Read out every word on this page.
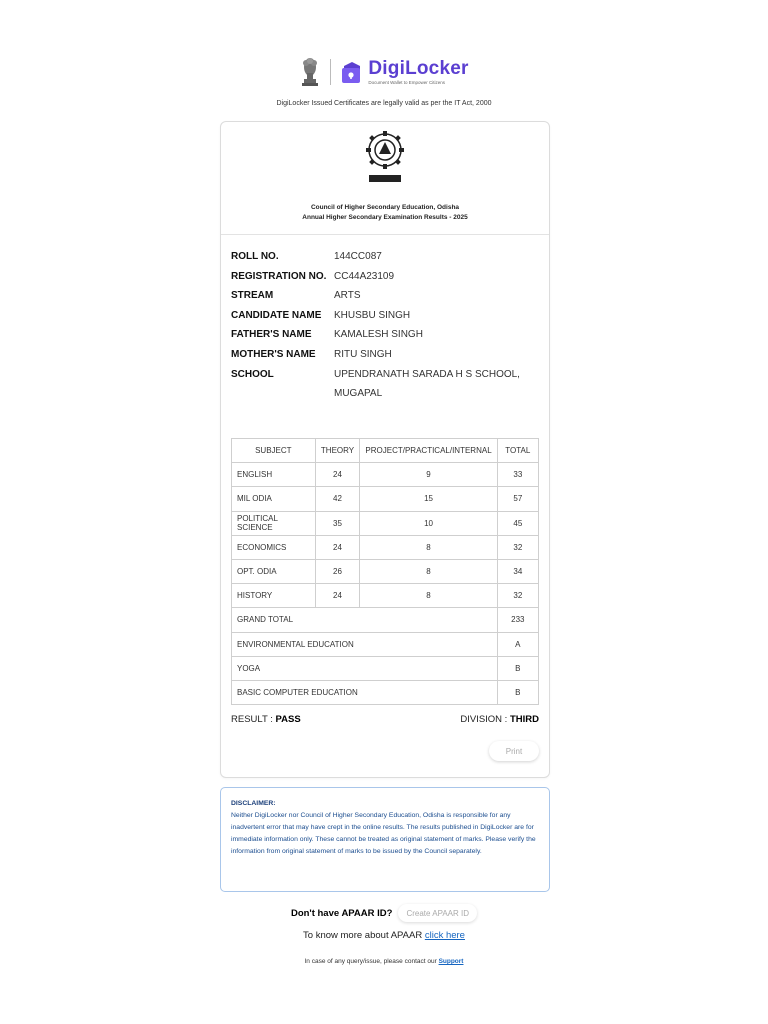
DigiLocker
Document Wallet to Empower Citizens
DigiLocker Issued Certificates are legally valid as per the IT Act, 2000
Council of Higher Secondary Education, Odisha
Annual Higher Secondary Examination Results - 2025
ROLL NO.	144CC087
REGISTRATION NO. CC44A23109
STREAM	ARTS
CANDIDATE NAME	KHUSBU SINGH
FATHER'S NAME	KAMALESH SINGH
MOTHER'S NAME	RITU SINGH
SCHOOL	UPENDRANATH SARADA H S SCHOOL, MUGAPAL
SUBJECT	THEORY	PROJECT/PRACTICAL/INTERNAL	TOTAL
ENGLISH	24	9	33
MIL ODIA	42	15	57
POLITICAL SCIENCE	35	10	45
ECONOMICS	24	8	32
OPT. ODIA	26	8	34
HISTORY	24	8	32
GRAND TOTAL			233
ENVIRONMENTAL EDUCATION			A
YOGA			B
BASIC COMPUTER EDUCATION			B
RESULT : PASS	DIVISION : THIRD
Print
DISCLAIMER:
Neither DigiLocker nor Council of Higher Secondary Education, Odisha is responsible for any inadvertent error that may have crept in the online results. The results published in DigiLocker are for immediate information only. These cannot be treated as original statement of marks. Please verify the information from original statement of marks to be issued by the Council separately.
Don't have APAAR ID?	Create APAAR ID
To know more about APAAR click here
In case of any query/issue, please contact our Support
